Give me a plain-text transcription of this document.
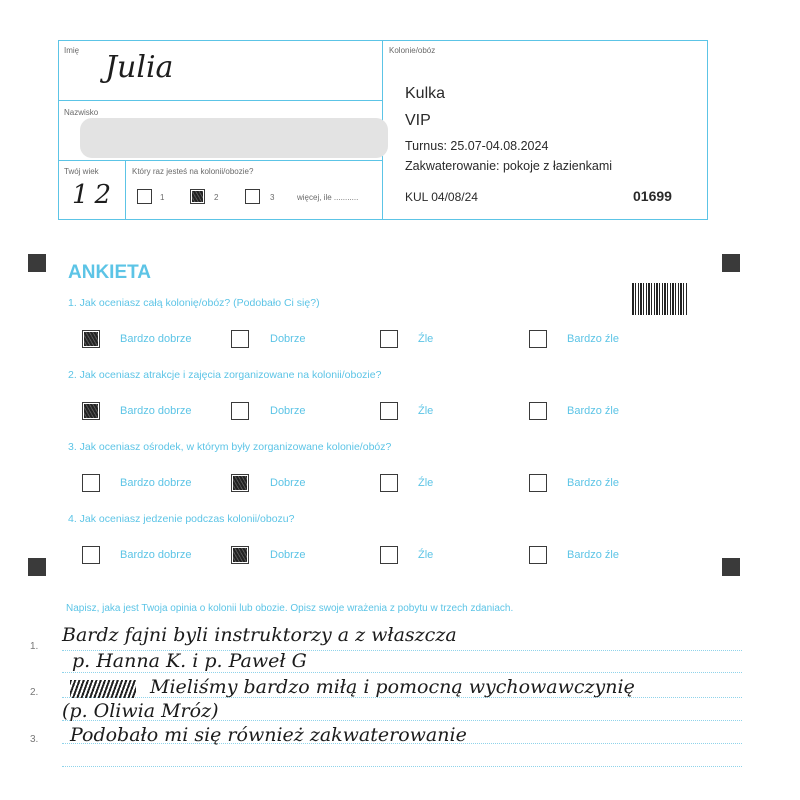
Imię Julia
Nazwisko
Twój wiek
12
Który raz jesteś na kolonii/obozie?
1	2	3	więcej, ile ...........
Kolonie/obóz
Kulka
VIP
Turnus: 25.07-04.08.2024
Zakwaterowanie: pokoje z łazienkami
KUL 04/08/24	01699
ANKIETA
1. Jak oceniasz całą kolonię/obóz? (Podobało Ci się?)
Bardzo dobrze	Dobrze	Źle	Bardzo źle
2. Jak oceniasz atrakcje i zajęcia zorganizowane na kolonii/obozie?
Bardzo dobrze	Dobrze	Źle	Bardzo źle
3. Jak oceniasz ośrodek, w którym były zorganizowane kolonie/obóz?
Bardzo dobrze	Dobrze	Źle	Bardzo źle
4. Jak oceniasz jedzenie podczas kolonii/obozu?
Bardzo dobrze	Dobrze	Źle	Bardzo źle
Napisz, jaka jest Twoja opinia o kolonii lub obozie. Opisz swoje wrażenia z pobytu w trzech zdaniach.
1.
2.
3.
Bardz fajni byli instruktorzy a z właszcza
p. Hanna K. i p. Paweł G
Mieliśmy bardzo miłą i pomocną wychowawczynię
(p. Oliwia Mróz)
Podobało mi się również zakwaterowanie
